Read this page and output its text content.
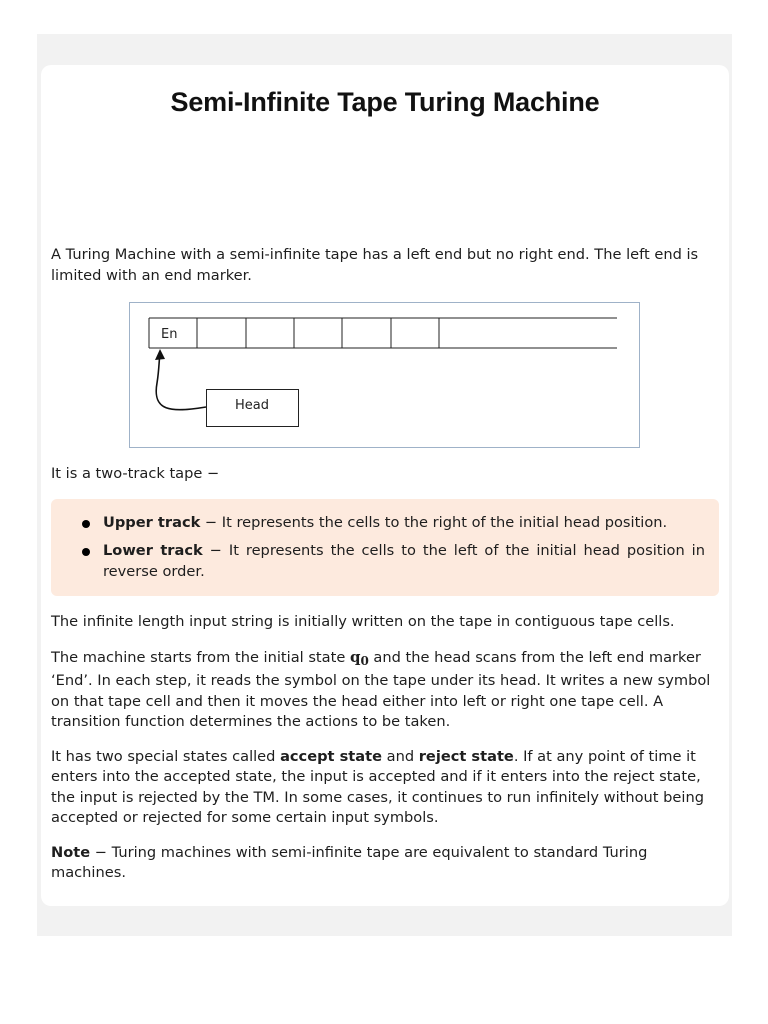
Semi-Infinite Tape Turing Machine

A Turing Machine with a semi-infinite tape has a left end but no right end. The left end is limited with an end marker.

En
Head

It is a two-track tape −

Upper track − It represents the cells to the right of the initial head position.
Lower track − It represents the cells to the left of the initial head position in reverse order.

The infinite length input string is initially written on the tape in contiguous tape cells.

The machine starts from the initial state $q_0$ and the head scans from the left end marker ‘End’. In each step, it reads the symbol on the tape under its head. It writes a new symbol on that tape cell and then it moves the head either into left or right one tape cell. A transition function determines the actions to be taken.

It has two special states called accept state and reject state. If at any point of time it enters into the accepted state, the input is accepted and if it enters into the reject state, the input is rejected by the TM. In some cases, it continues to run infinitely without being accepted or rejected for some certain input symbols.

Note − Turing machines with semi-infinite tape are equivalent to standard Turing machines.
